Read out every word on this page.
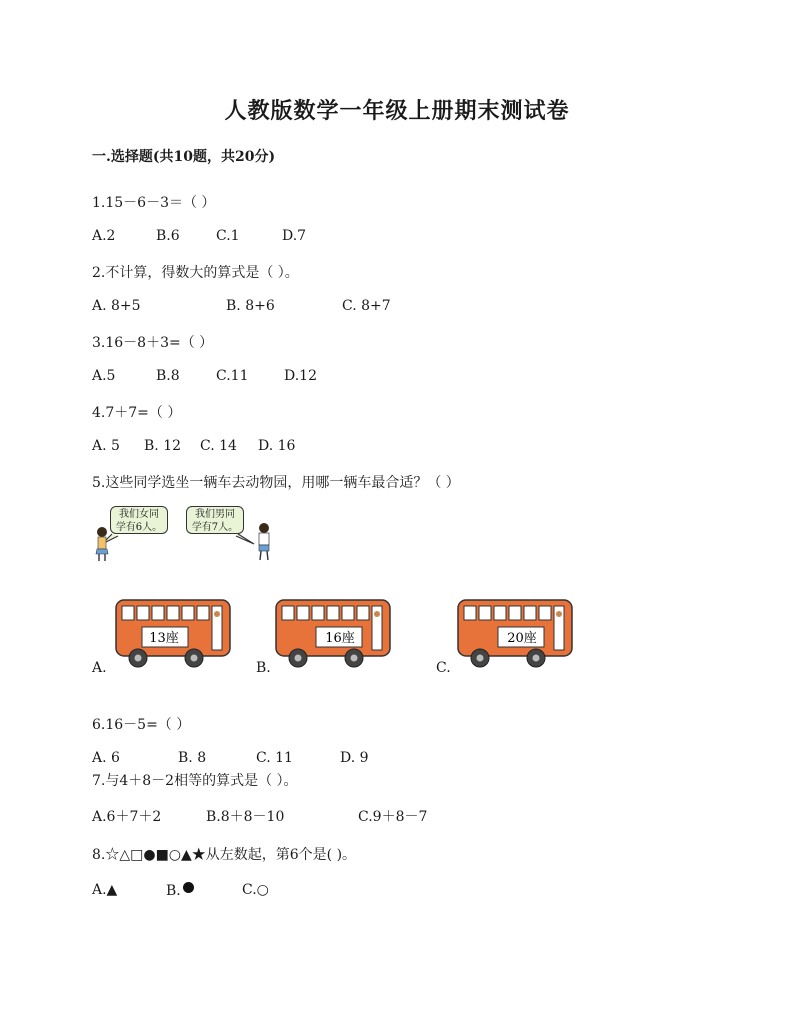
人教版数学一年级上册期末测试卷
一.选择题(共10题，共20分)
1.15－6－3＝（ ）
A.2	B.6	C.1	D.7
2.不计算，得数大的算式是（ ）。
A. 8+5	B. 8+6	C. 8+7
3.16－8＋3=（ ）
A.5	B.8	C.11	D.12
4.7＋7=（ ）
A. 5 B. 12 C. 14 D. 16
5.这些同学选坐一辆车去动物园，用哪一辆车最合适？（ ）
我们女同
学有6人。
我们男同
学有7人。
13座	16座	20座
A.	B.	C.
6.16－5=（ ）
A. 6	B. 8	C. 11	D. 9
7.与4＋8－2相等的算式是（ ）。
A.6＋7＋2	B.8＋8－10	C.9＋8－7
8.☆△□●■○▲★从左数起，第6个是( )。
A.▲	B.	C.○
